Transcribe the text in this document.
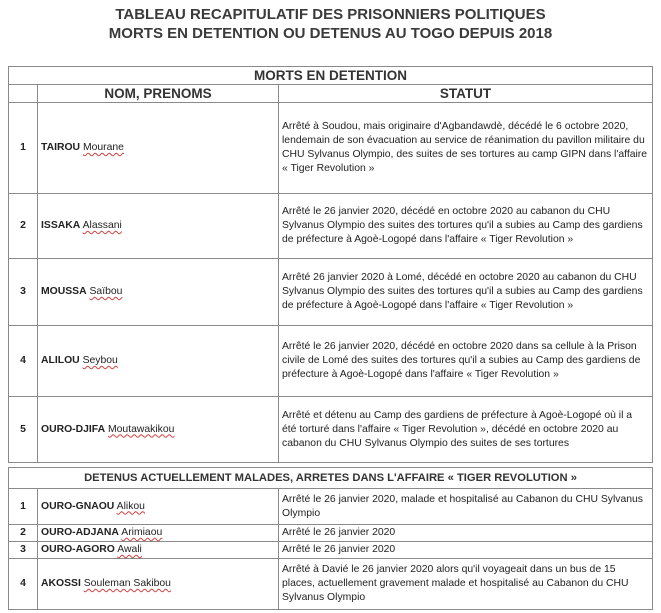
TABLEAU RECAPITULATIF DES PRISONNIERS POLITIQUES
MORTS EN DETENTION OU DETENUS AU TOGO DEPUIS 2018
MORTS EN DETENTION		
	NOM, PRENOMS	STATUT
1	TAIROU Mourane	Arrêté à Soudou, mais originaire d'Agbandawdè, décédé le 6 octobre 2020, lendemain de son évacuation au service de réanimation du pavillon militaire du CHU Sylvanus Olympio, des suites de ses tortures au camp GIPN dans l'affaire « Tiger Revolution »
2	ISSAKA Alassani	Arrêté le 26 janvier 2020, décédé en octobre 2020 au cabanon du CHU Sylvanus Olympio des suites des tortures qu'il a subies au Camp des gardiens de préfecture à Agoè-Logopé dans l'affaire « Tiger Revolution »
3	MOUSSA Saïbou	Arrêté 26 janvier 2020 à Lomé, décédé en octobre 2020 au cabanon du CHU Sylvanus Olympio des suites des tortures qu'il a subies au Camp des gardiens de préfecture à Agoè-Logopé dans l'affaire « Tiger Revolution »
4	ALILOU Seybou	Arrêté le 26 janvier 2020, décédé en octobre 2020 dans sa cellule à la Prison civile de Lomé des suites des tortures qu'il a subies au Camp des gardiens de préfecture à Agoè-Logopé dans l'affaire « Tiger Revolution »
5	OURO-DJIFA Moutawakikou	Arrêté et détenu au Camp des gardiens de préfecture à Agoè-Logopé où il a été torturé dans l'affaire « Tiger Revolution », décédé en octobre 2020 au cabanon du CHU Sylvanus Olympio des suites de ses tortures
DETENUS ACTUELLEMENT MALADES, ARRETES DANS L'AFFAIRE « TIGER REVOLUTION »		
1	OURO-GNAOU Alikou	Arrêté le 26 janvier 2020, malade et hospitalisé au Cabanon du CHU Sylvanus Olympio
2	OURO-ADJANA Arimiaou	Arrêté le 26 janvier 2020
3	OURO-AGORO Awali	Arrêté le 26 janvier 2020
4	AKOSSI Souleman Sakibou	Arrêté à Davié le 26 janvier 2020 alors qu'il voyageait dans un bus de 15 places, actuellement gravement malade et hospitalisé au Cabanon du CHU Sylvanus Olympio
